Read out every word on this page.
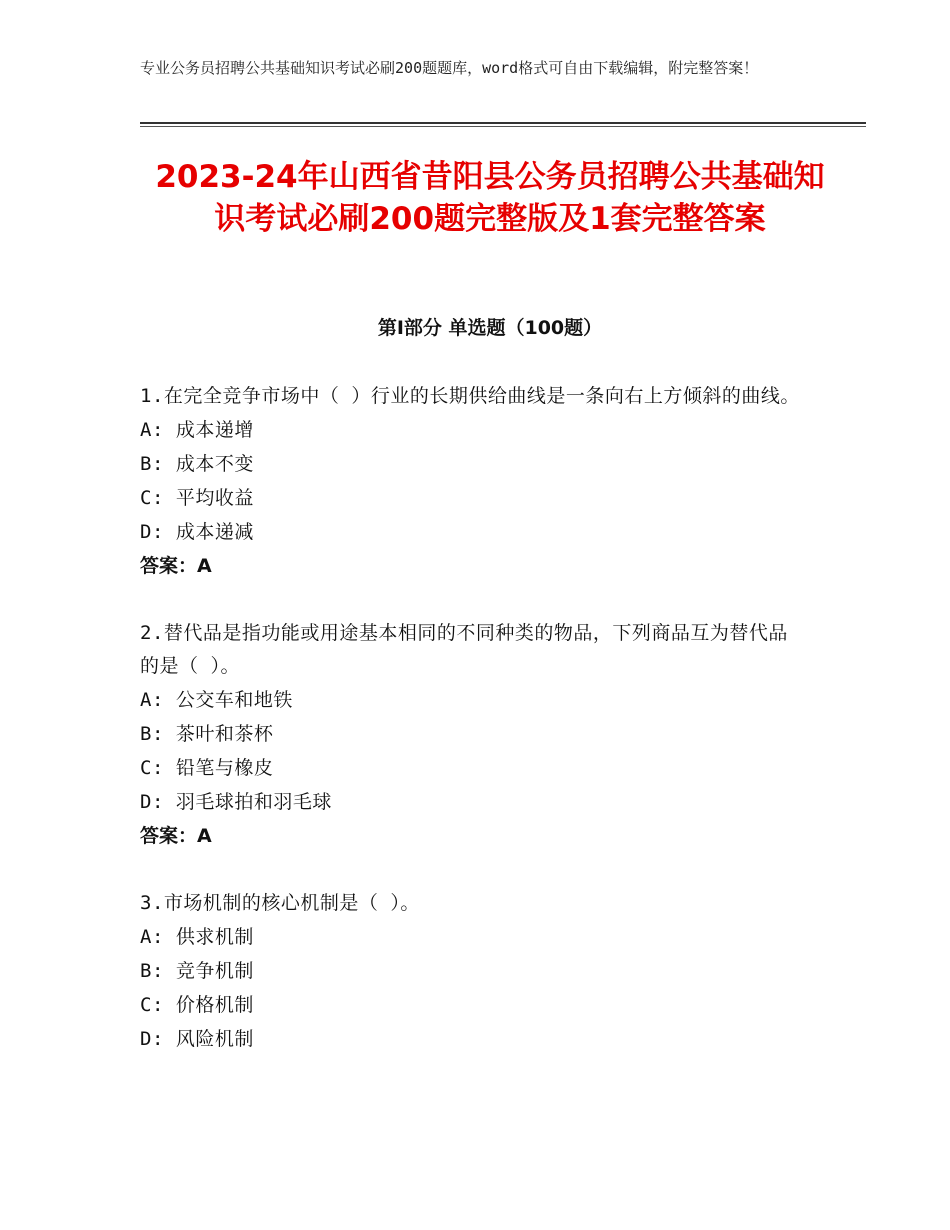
专业公务员招聘公共基础知识考试必刷200题题库，word格式可自由下载编辑，附完整答案！
2023-24年山西省昔阳县公务员招聘公共基础知识考试必刷200题完整版及1套完整答案
第Ⅰ部分 单选题（100题）
1.在完全竞争市场中（ ）行业的长期供给曲线是一条向右上方倾斜的曲线。
A: 成本递增
B: 成本不变
C: 平均收益
D: 成本递减
答案：A
2.替代品是指功能或用途基本相同的不同种类的物品，下列商品互为替代品的是（ ）。
A: 公交车和地铁
B: 茶叶和茶杯
C: 铅笔与橡皮
D: 羽毛球拍和羽毛球
答案：A
3.市场机制的核心机制是（ ）。
A: 供求机制
B: 竞争机制
C: 价格机制
D: 风险机制
